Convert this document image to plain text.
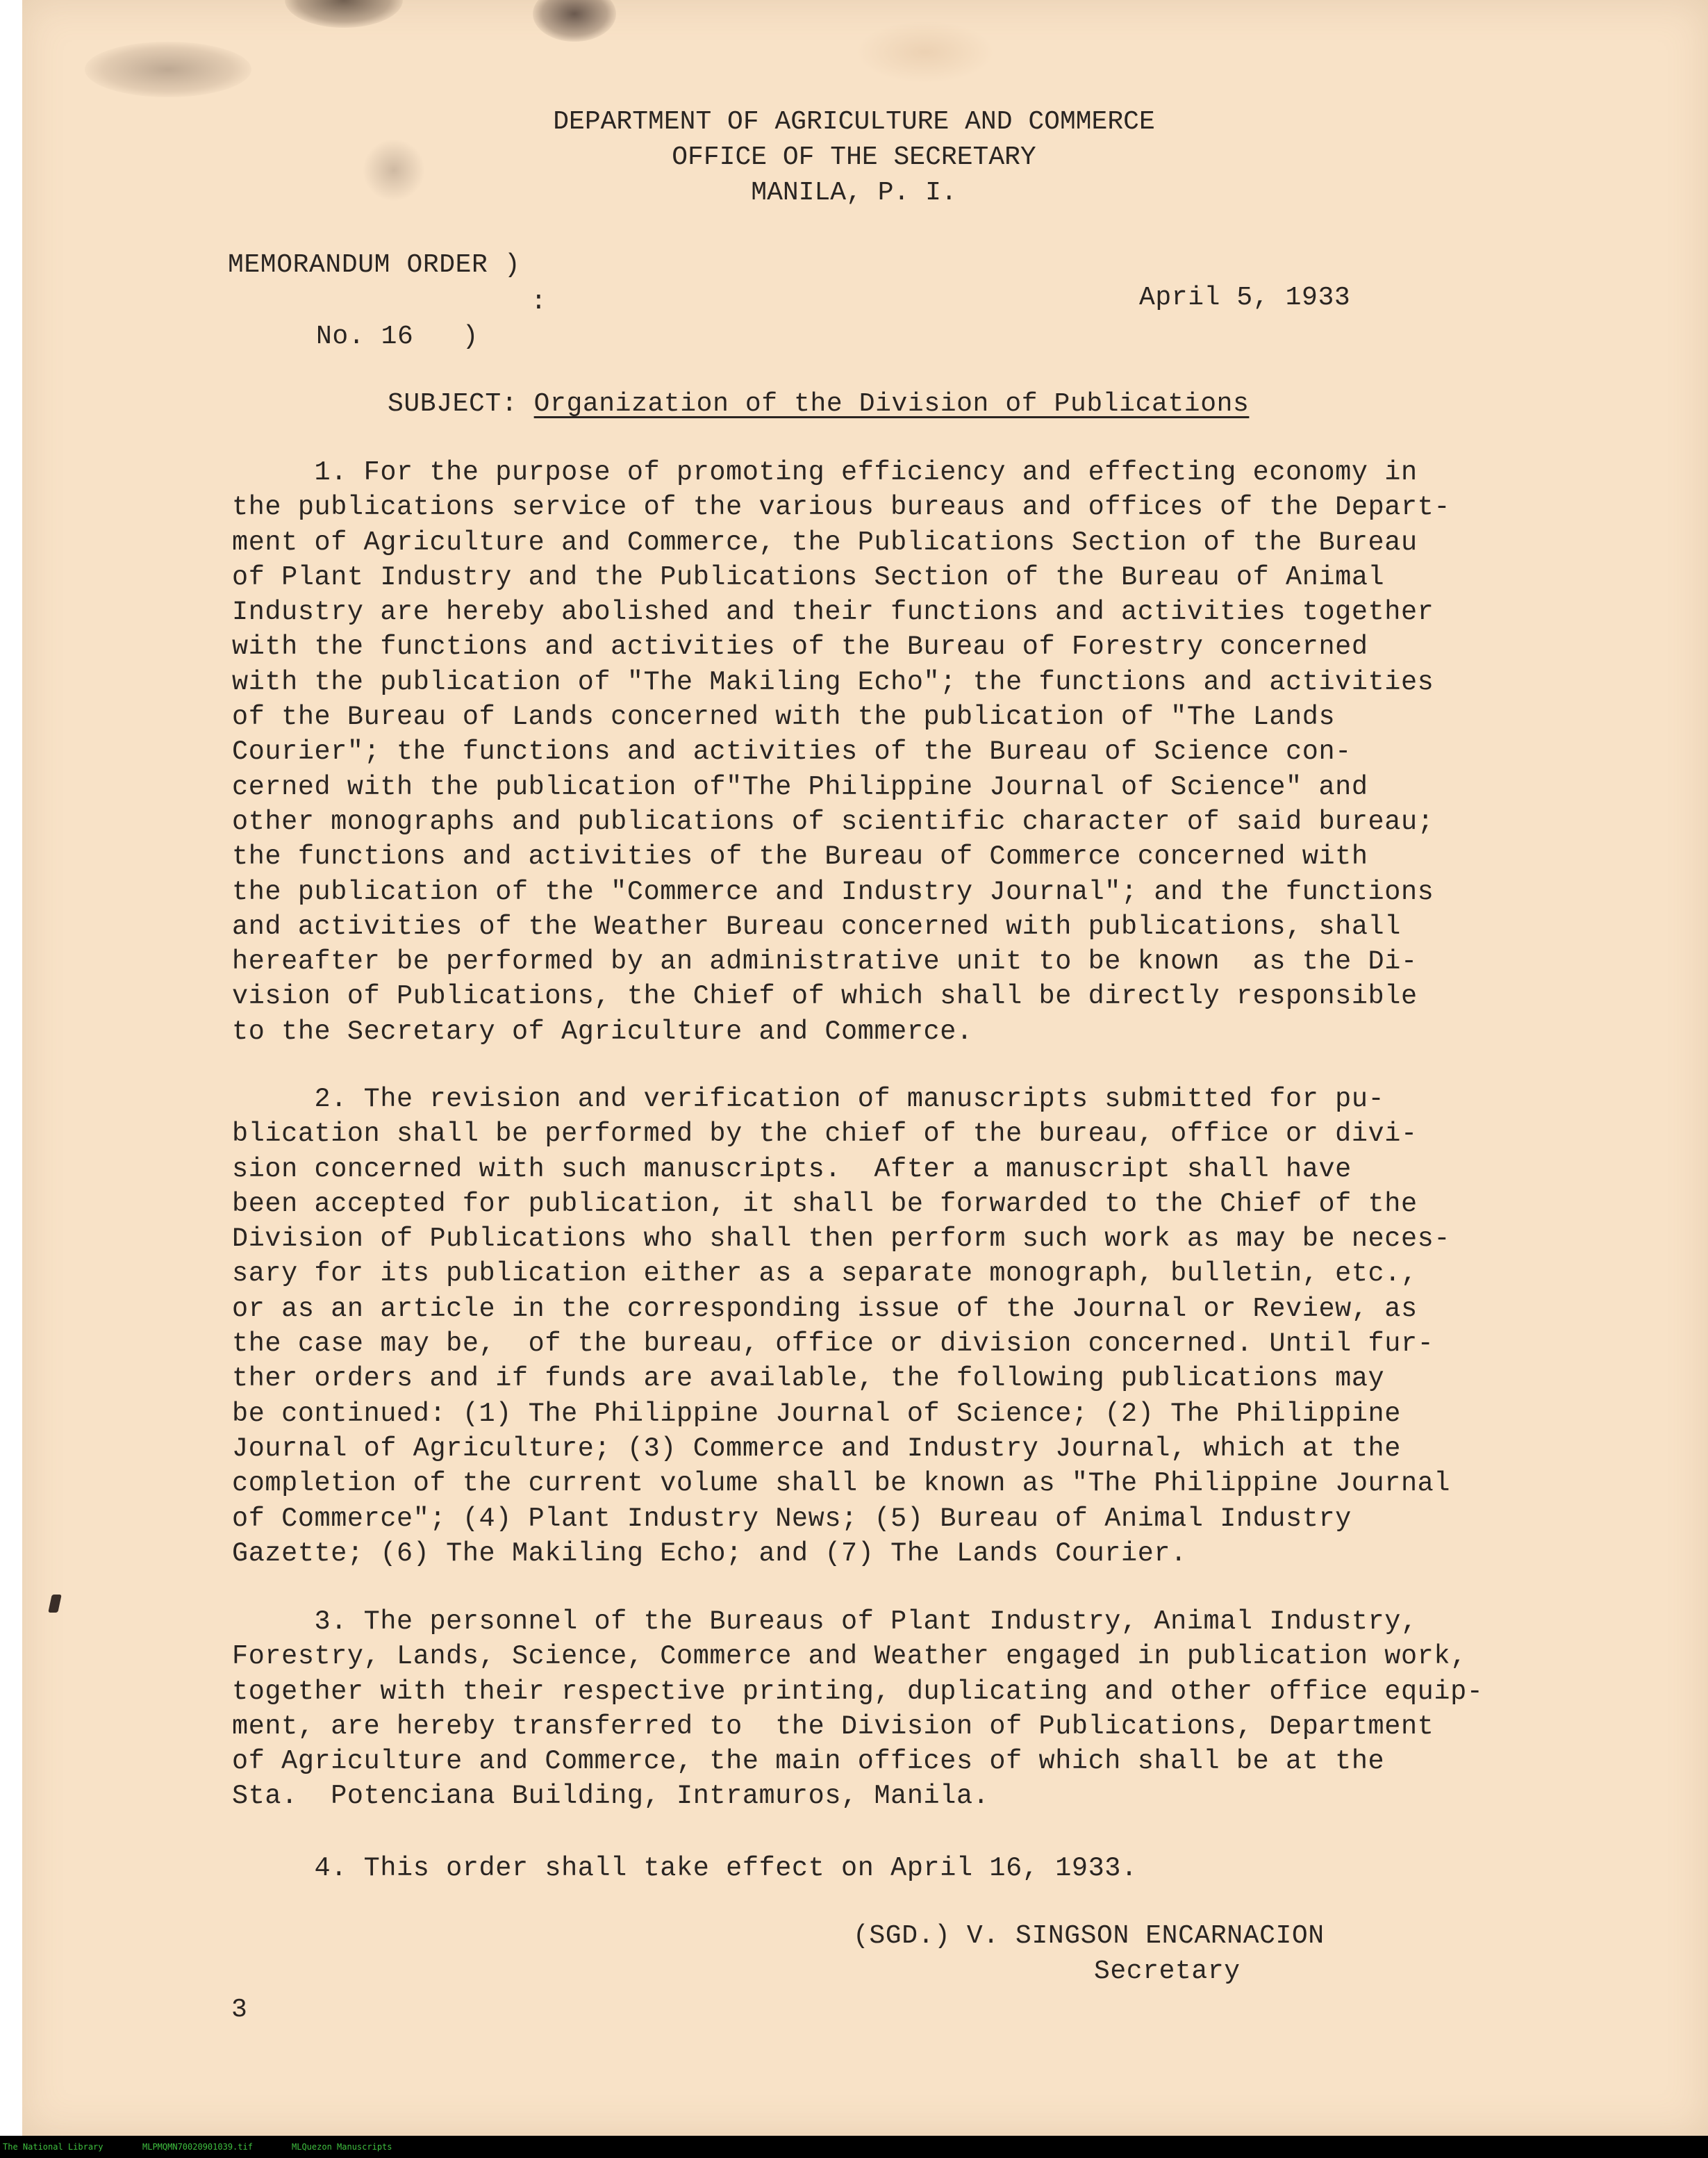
DEPARTMENT OF AGRICULTURE AND COMMERCE
OFFICE OF THE SECRETARY
MANILA, P. I.
MEMORANDUM ORDER )
:
No. 16   )
April 5, 1933
SUBJECT: Organization of the Division of Publications
1. For the purpose of promoting efficiency and effecting economy in
the publications service of the various bureaus and offices of the Depart-
ment of Agriculture and Commerce, the Publications Section of the Bureau
of Plant Industry and the Publications Section of the Bureau of Animal
Industry are hereby abolished and their functions and activities together
with the functions and activities of the Bureau of Forestry concerned
with the publication of "The Makiling Echo"; the functions and activities
of the Bureau of Lands concerned with the publication of "The Lands
Courier"; the functions and activities of the Bureau of Science con-
cerned with the publication of"The Philippine Journal of Science" and
other monographs and publications of scientific character of said bureau;
the functions and activities of the Bureau of Commerce concerned with
the publication of the "Commerce and Industry Journal"; and the functions
and activities of the Weather Bureau concerned with publications, shall
hereafter be performed by an administrative unit to be known  as the Di-
vision of Publications, the Chief of which shall be directly responsible
to the Secretary of Agriculture and Commerce.
2. The revision and verification of manuscripts submitted for pu-
blication shall be performed by the chief of the bureau, office or divi-
sion concerned with such manuscripts.  After a manuscript shall have
been accepted for publication, it shall be forwarded to the Chief of the
Division of Publications who shall then perform such work as may be neces-
sary for its publication either as a separate monograph, bulletin, etc.,
or as an article in the corresponding issue of the Journal or Review, as
the case may be,  of the bureau, office or division concerned. Until fur-
ther orders and if funds are available, the following publications may
be continued: (1) The Philippine Journal of Science; (2) The Philippine
Journal of Agriculture; (3) Commerce and Industry Journal, which at the
completion of the current volume shall be known as "The Philippine Journal
of Commerce"; (4) Plant Industry News; (5) Bureau of Animal Industry
Gazette; (6) The Makiling Echo; and (7) The Lands Courier.
3. The personnel of the Bureaus of Plant Industry, Animal Industry,
Forestry, Lands, Science, Commerce and Weather engaged in publication work,
together with their respective printing, duplicating and other office equip-
ment, are hereby transferred to  the Division of Publications, Department
of Agriculture and Commerce, the main offices of which shall be at the
Sta.  Potenciana Building, Intramuros, Manila.
4. This order shall take effect on April 16, 1933.
(SGD.) V. SINGSON ENCARNACION
Secretary
3
The National Library	MLPMQMN70020901039.tif	MLQuezon Manuscripts
